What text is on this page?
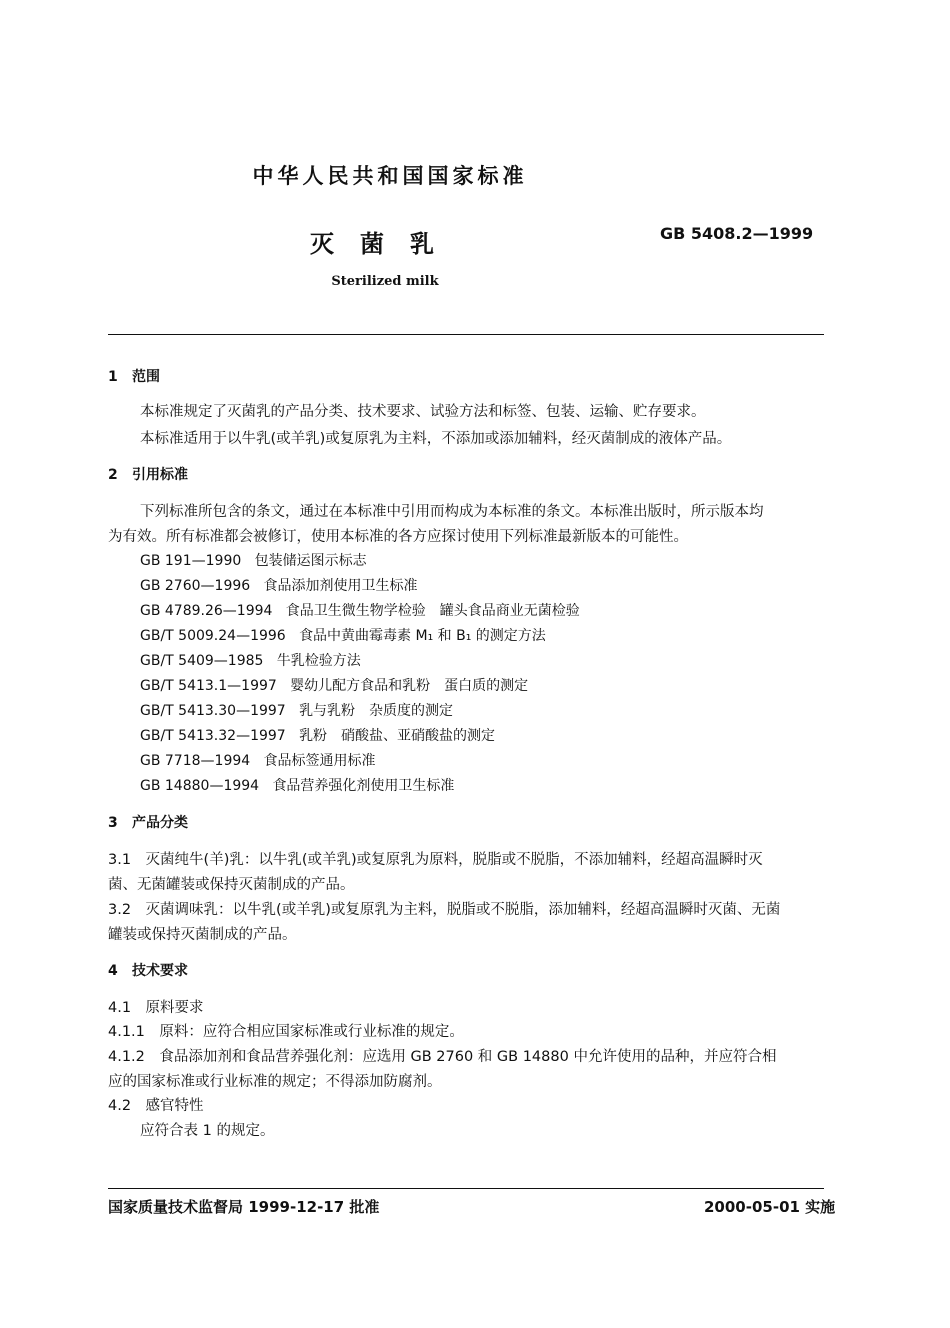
中华人民共和国国家标准
灭菌乳	GB 5408.2—1999
Sterilized milk
1 范围
本标准规定了灭菌乳的产品分类、技术要求、试验方法和标签、包装、运输、贮存要求。
本标准适用于以牛乳(或羊乳)或复原乳为主料，不添加或添加辅料，经灭菌制成的液体产品。
2 引用标准
下列标准所包含的条文，通过在本标准中引用而构成为本标准的条文。本标准出版时，所示版本均
为有效。所有标准都会被修订，使用本标准的各方应探讨使用下列标准最新版本的可能性。
GB 191—1990 包装储运图示标志
GB 2760—1996 食品添加剂使用卫生标准
GB 4789.26—1994 食品卫生微生物学检验　罐头食品商业无菌检验
GB/T 5009.24—1996 食品中黄曲霉毒素 M₁ 和 B₁ 的测定方法
GB/T 5409—1985 牛乳检验方法
GB/T 5413.1—1997 婴幼儿配方食品和乳粉　蛋白质的测定
GB/T 5413.30—1997 乳与乳粉　杂质度的测定
GB/T 5413.32—1997 乳粉　硝酸盐、亚硝酸盐的测定
GB 7718—1994 食品标签通用标准
GB 14880—1994 食品营养强化剂使用卫生标准
3 产品分类
3.1　灭菌纯牛(羊)乳：以牛乳(或羊乳)或复原乳为原料，脱脂或不脱脂，不添加辅料，经超高温瞬时灭
菌、无菌罐装或保持灭菌制成的产品。
3.2　灭菌调味乳：以牛乳(或羊乳)或复原乳为主料，脱脂或不脱脂，添加辅料，经超高温瞬时灭菌、无菌
罐装或保持灭菌制成的产品。
4 技术要求
4.1　原料要求
4.1.1　原料：应符合相应国家标准或行业标准的规定。
4.1.2　食品添加剂和食品营养强化剂：应选用 GB 2760 和 GB 14880 中允许使用的品种，并应符合相
应的国家标准或行业标准的规定；不得添加防腐剂。
4.2　感官特性
应符合表 1 的规定。
国家质量技术监督局 1999-12-17 批准	2000-05-01 实施
